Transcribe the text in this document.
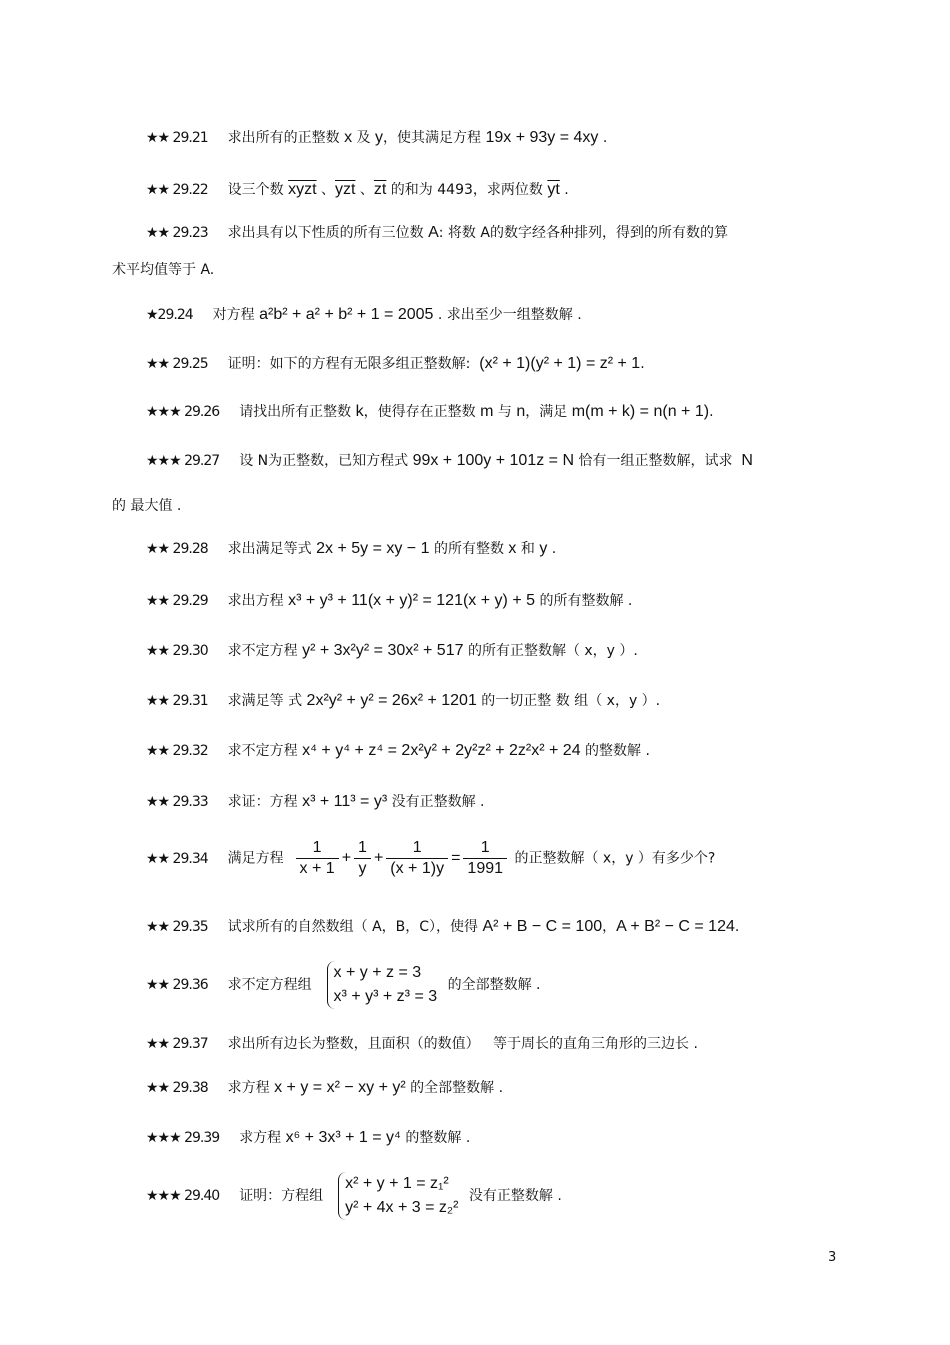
★★ 29.21 求出所有的正整数 x 及 y，使其满足方程 19x + 93y = 4xy .
★★ 29.22 设三个数 xyzt 、$\overline{yzt}$ 、$\overline{zt}$ 的和为 4493，求两位数 $\overline{yt}$ .
★★ 29.23 求出具有以下性质的所有三位数 A: 将数 A的数字经各种排列，得到的所有数的算
术平均值等于 A.
★29.24 对方程 a²b² + a² + b² + 1 = 2005 . 求出至少一组整数解 .
★★ 29.25 证明：如下的方程有无限多组正整数解:  (x² + 1)(y² + 1) = z² + 1.
★★★ 29.26 请找出所有正整数 k，使得存在正整数 m 与 n，满足 m(m + k) = n(n + 1).
★★★ 29.27 设 N为正整数，已知方程式 99x + 100y + 101z = N 恰有一组正整数解，试求  N
的 最大值 .
★★ 29.28 求出满足等式 2x + 5y = xy − 1 的所有整数 x 和 y .
★★ 29.29 求出方程 x³ + y³ + 11(x + y)² = 121(x + y) + 5 的所有整数解 .
★★ 29.30 求不定方程 y² + 3x²y² = 30x² + 517 的所有正整数解（ x，y ）.
★★ 29.31 求满足等 式 2x²y² + y² = 26x² + 1201 的一切正整 数 组（ x，y ）.
★★ 29.32 求不定方程 x⁴ + y⁴ + z⁴ = 2x²y² + 2y²z² + 2z²x² + 24 的整数解 .
★★ 29.33 求证：方程 x³ + 11³ = y³ 没有正整数解 .
★★ 29.34 满足方程 $\frac{1}{x + 1} + \frac{1}{y} + \frac{1}{(x + 1)y} = \frac{1}{1991}$ 的正整数解（ x，y ）有多少个?
★★ 29.35 试求所有的自然数组（ A，B，C），使得 A² + B − C = 100，A + B² − C = 124.
★★ 29.36 求不定方程组
x + y + z = 3
x³ + y³ + z³ = 3
的全部整数解 .
★★ 29.37 求出所有边长为整数，且面积（的数值）   等于周长的直角三角形的三边长 .
★★ 29.38 求方程 x + y = x² − xy + y² 的全部整数解 .
★★★ 29.39 求方程 x⁶ + 3x³ + 1 = y⁴ 的整数解 .
★★★ 29.40 证明：方程组
x² + y + 1 = z₁²
y² + 4x + 3 = z₂²
没有正整数解 .
3
